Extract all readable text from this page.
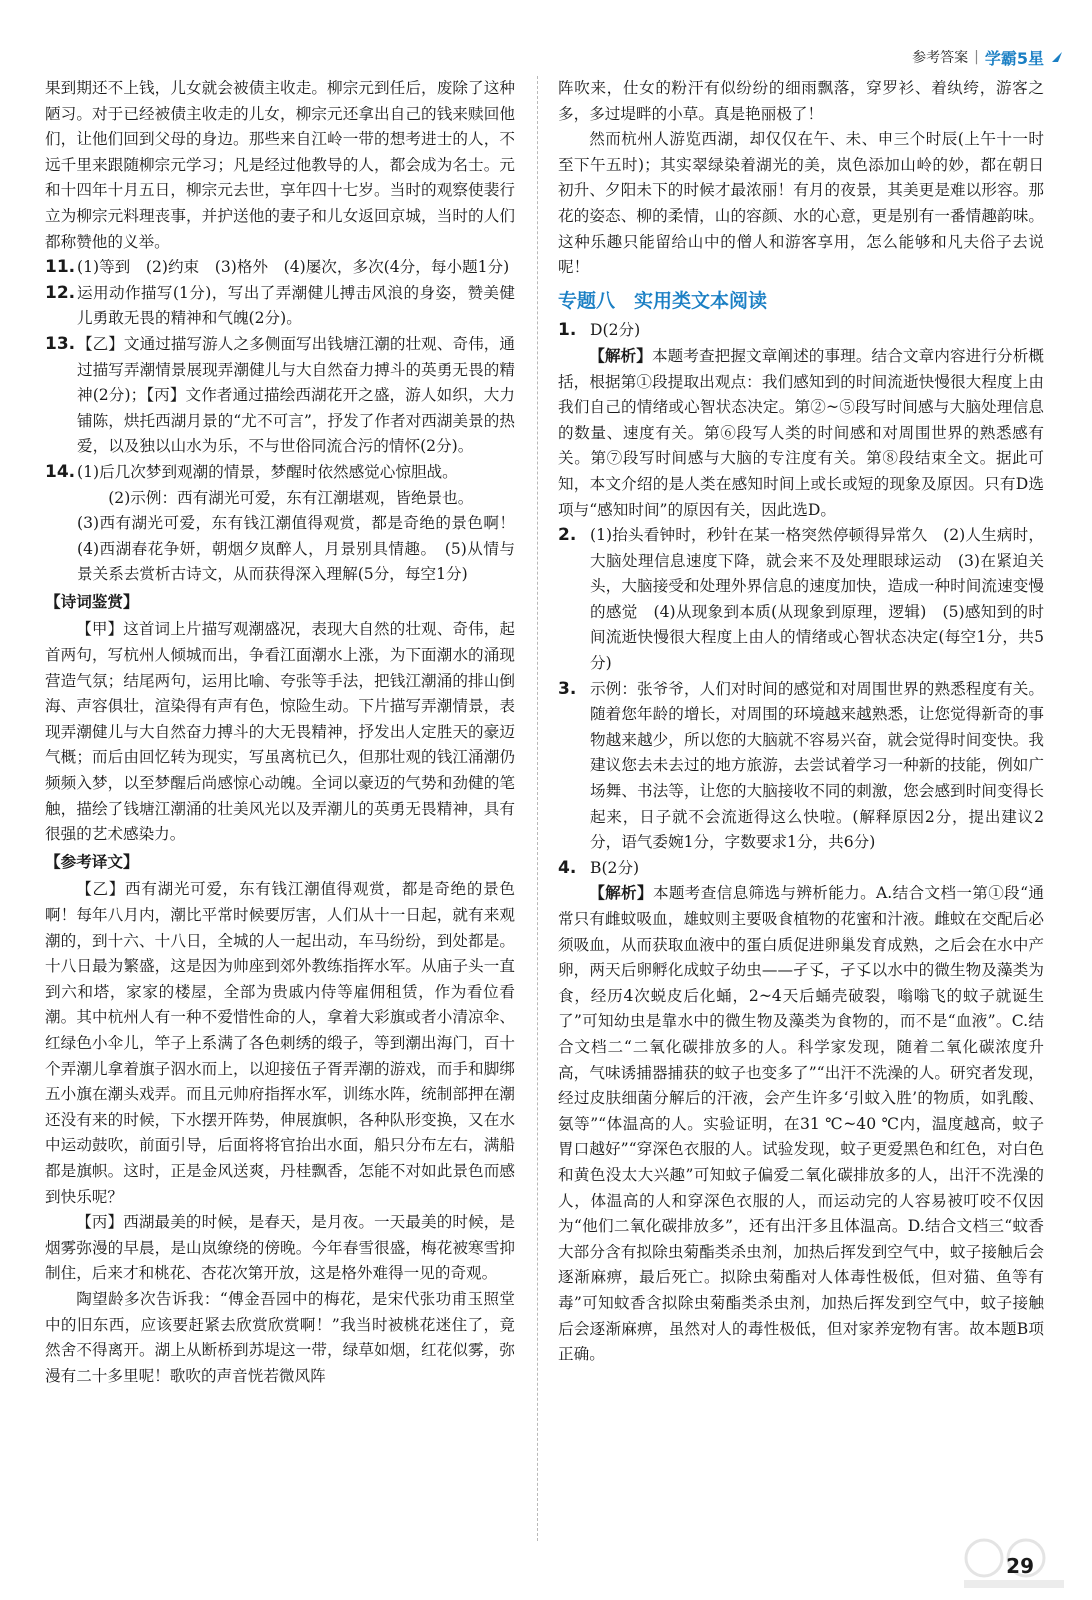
参考答案 | 学霸5星

果到期还不上钱，儿女就会被债主收走。柳宗元到任后，废除了这种陋习。对于已经被债主收走的儿女，柳宗元还拿出自己的钱来赎回他们，让他们回到父母的身边。那些来自江岭一带的想考进士的人，不远千里来跟随柳宗元学习；凡是经过他教导的人，都会成为名士。元和十四年十月五日，柳宗元去世，享年四十七岁。当时的观察使裴行立为柳宗元料理丧事，并护送他的妻子和儿女返回京城，当时的人们都称赞他的义举。

11. (1)等到　(2)约束　(3)格外　(4)屡次，多次(4分，每小题1分)
12. 运用动作描写(1分)，写出了弄潮健儿搏击风浪的身姿，赞美健儿勇敢无畏的精神和气魄(2分)。
13. 【乙】文通过描写游人之多侧面写出钱塘江潮的壮观、奇伟，通过描写弄潮情景展现弄潮健儿与大自然奋力搏斗的英勇无畏的精神(2分)；【丙】文作者通过描绘西湖花开之盛，游人如织，大力铺陈，烘托西湖月景的“尤不可言”，抒发了作者对西湖美景的热爱，以及独以山水为乐，不与世俗同流合污的情怀(2分)。
14. (1)后几次梦到观潮的情景，梦醒时依然感觉心惊胆战。

(2)示例：西有湖光可爱，东有江潮堪观，皆绝景也。

(3)西有湖光可爱，东有钱江潮值得观赏，都是奇绝的景色啊！　(4)西湖春花争妍，朝烟夕岚醉人，月景别具情趣。　(5)从情与景关系去赏析古诗文，从而获得深入理解(5分，每空1分)

【诗词鉴赏】

【甲】这首词上片描写观潮盛况，表现大自然的壮观、奇伟，起首两句，写杭州人倾城而出，争看江面潮水上涨，为下面潮水的涌现营造气氛；结尾两句，运用比喻、夸张等手法，把钱江潮涌的排山倒海、声容俱壮，渲染得有声有色，惊险生动。下片描写弄潮情景，表现弄潮健儿与大自然奋力搏斗的大无畏精神，抒发出人定胜天的豪迈气概；而后由回忆转为现实，写虽离杭已久，但那壮观的钱江涌潮仍频频入梦，以至梦醒后尚感惊心动魄。全词以豪迈的气势和劲健的笔触，描绘了钱塘江潮涌的壮美风光以及弄潮儿的英勇无畏精神，具有很强的艺术感染力。

【参考译文】

【乙】西有湖光可爱，东有钱江潮值得观赏，都是奇绝的景色啊！每年八月内，潮比平常时候要厉害，人们从十一日起，就有来观潮的，到十六、十八日，全城的人一起出动，车马纷纷，到处都是。十八日最为繁盛，这是因为帅座到郊外教练指挥水军。从庙子头一直到六和塔，家家的楼屋，全部为贵戚内侍等雇佣租赁，作为看位看潮。其中杭州人有一种不爱惜性命的人，拿着大彩旗或者小清凉伞、红绿色小伞儿，竿子上系满了各色刺绣的缎子，等到潮出海门，百十个弄潮儿拿着旗子泅水而上，以迎接伍子胥弄潮的游戏，而手和脚绑五小旗在潮头戏弄。而且元帅府指挥水军，训练水阵，统制部押在潮还没有来的时候，下水摆开阵势，伸展旗帜，各种队形变换，又在水中运动鼓吹，前面引导，后面将将官抬出水面，船只分布左右，满船都是旗帜。这时，正是金风送爽，丹桂飘香，怎能不对如此景色而感到快乐呢？

【丙】西湖最美的时候，是春天，是月夜。一天最美的时候，是烟雾弥漫的早晨，是山岚缭绕的傍晚。今年春雪很盛，梅花被寒雪抑制住，后来才和桃花、杏花次第开放，这是格外难得一见的奇观。

陶望龄多次告诉我：“傅金吾园中的梅花，是宋代张功甫玉照堂中的旧东西，应该要赶紧去欣赏欣赏啊！”我当时被桃花迷住了，竟然舍不得离开。湖上从断桥到苏堤这一带，绿草如烟，红花似雾，弥漫有二十多里呢！歌吹的声音恍若微风阵

阵吹来，仕女的粉汗有似纷纷的细雨飘落，穿罗衫、着纨绔，游客之多，多过堤畔的小草。真是艳丽极了！

然而杭州人游览西湖，却仅仅在午、未、申三个时辰(上午十一时至下午五时)；其实翠绿染着湖光的美，岚色添加山岭的妙，都在朝日初升、夕阳未下的时候才最浓丽！有月的夜景，其美更是难以形容。那花的姿态、柳的柔情，山的容颜、水的心意，更是别有一番情趣韵味。这种乐趣只能留给山中的僧人和游客享用，怎么能够和凡夫俗子去说呢！

专题八　实用类文本阅读
1. D(2分)

【解析】本题考查把握文章阐述的事理。结合文章内容进行分析概括，根据第①段提取出观点：我们感知到的时间流逝快慢很大程度上由我们自己的情绪或心智状态决定。第②~⑤段写时间感与大脑处理信息的数量、速度有关。第⑥段写人类的时间感和对周围世界的熟悉感有关。第⑦段写时间感与大脑的专注度有关。第⑧段结束全文。据此可知，本文介绍的是人类在感知时间上或长或短的现象及原因。只有D选项与“感知时间”的原因有关，因此选D。

2. (1)抬头看钟时，秒针在某一格突然停顿得异常久　(2)人生病时，大脑处理信息速度下降，就会来不及处理眼球运动　(3)在紧迫关头，大脑接受和处理外界信息的速度加快，造成一种时间流速变慢的感觉　(4)从现象到本质(从现象到原理，逻辑)　(5)感知到的时间流逝快慢很大程度上由人的情绪或心智状态决定(每空1分，共5分)
3. 示例：张爷爷，人们对时间的感觉和对周围世界的熟悉程度有关。随着您年龄的增长，对周围的环境越来越熟悉，让您觉得新奇的事物越来越少，所以您的大脑就不容易兴奋，就会觉得时间变快。我建议您去未去过的地方旅游，去尝试着学习一种新的技能，例如广场舞、书法等，让您的大脑接收不同的刺激，您会感到时间变得长起来，日子就不会流逝得这么快啦。(解释原因2分，提出建议2分，语气委婉1分，字数要求1分，共6分)
4. B(2分)

【解析】本题考查信息筛选与辨析能力。A.结合文档一第①段“通常只有雌蚊吸血，雄蚊则主要吸食植物的花蜜和汁液。雌蚊在交配后必须吸血，从而获取血液中的蛋白质促进卵巢发育成熟，之后会在水中产卵，两天后卵孵化成蚊子幼虫——孑孓，孑孓以水中的微生物及藻类为食，经历4次蜕皮后化蛹，2~4天后蛹壳破裂，嗡嗡飞的蚊子就诞生了”可知幼虫是靠水中的微生物及藻类为食物的，而不是“血液”。C.结合文档二“二氧化碳排放多的人。科学家发现，随着二氧化碳浓度升高，气味诱捕器捕获的蚊子也变多了”“出汗不洗澡的人。研究者发现，经过皮肤细菌分解后的汗液，会产生许多‘引蚊入胜’的物质，如乳酸、氨等”“体温高的人。实验证明，在31 ℃~40 ℃内，温度越高，蚊子胃口越好”“穿深色衣服的人。试验发现，蚊子更爱黑色和红色，对白色和黄色没太大兴趣”可知蚊子偏爱二氧化碳排放多的人，出汗不洗澡的人，体温高的人和穿深色衣服的人，而运动完的人容易被叮咬不仅因为“他们二氧化碳排放多”，还有出汗多且体温高。D.结合文档三“蚊香大部分含有拟除虫菊酯类杀虫剂，加热后挥发到空气中，蚊子接触后会逐渐麻痹，最后死亡。拟除虫菊酯对人体毒性极低，但对猫、鱼等有毒”可知蚊香含拟除虫菊酯类杀虫剂，加热后挥发到空气中，蚊子接触后会逐渐麻痹，虽然对人的毒性极低，但对家养宠物有害。故本题B项正确。

29
